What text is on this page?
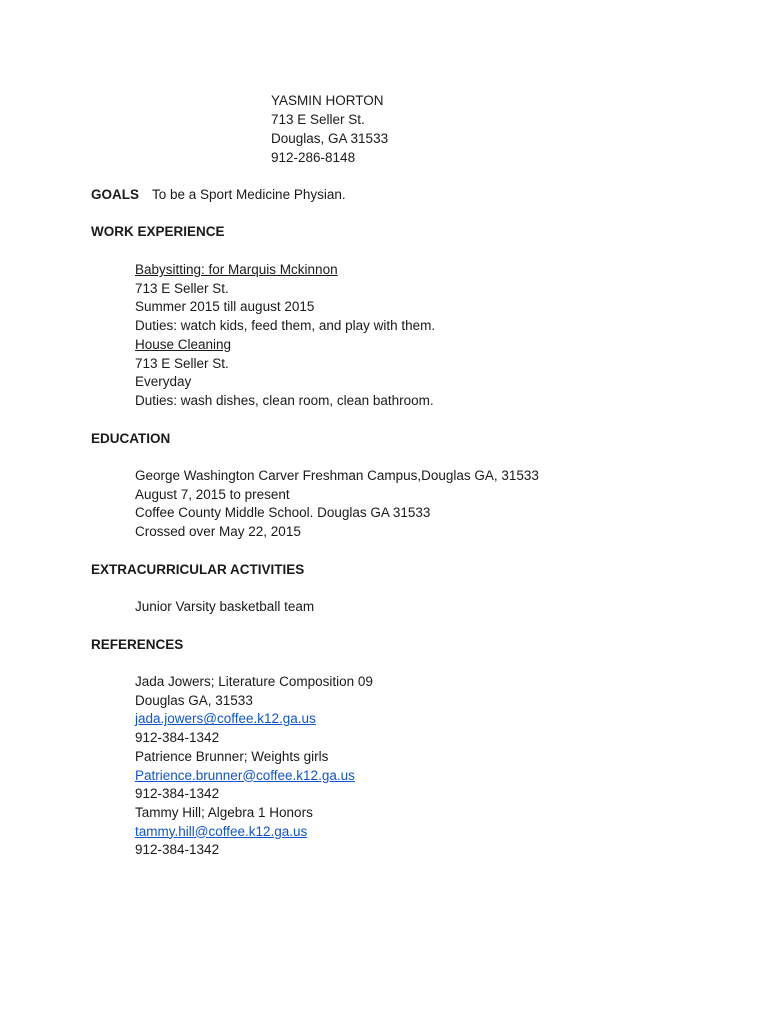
YASMIN HORTON
713 E Seller St.
Douglas, GA 31533
912-286-8148
GOALS To be a Sport Medicine Physian.
WORK EXPERIENCE
Babysitting: for Marquis Mckinnon
713 E Seller St.
Summer 2015 till august 2015
Duties: watch kids, feed them, and play with them.
House Cleaning
713 E Seller St.
Everyday
Duties: wash dishes, clean room, clean bathroom.
EDUCATION
George Washington Carver Freshman Campus,Douglas GA, 31533
August 7, 2015 to present
Coffee County Middle School. Douglas GA 31533
Crossed over May 22, 2015
EXTRACURRICULAR ACTIVITIES
Junior Varsity basketball team
REFERENCES
Jada Jowers; Literature Composition 09
Douglas GA, 31533
jada.jowers@coffee.k12.ga.us
912-384-1342
Patrience Brunner; Weights girls
Patrience.brunner@coffee.k12.ga.us
912-384-1342
Tammy Hill; Algebra 1 Honors
tammy.hill@coffee.k12.ga.us
912-384-1342
